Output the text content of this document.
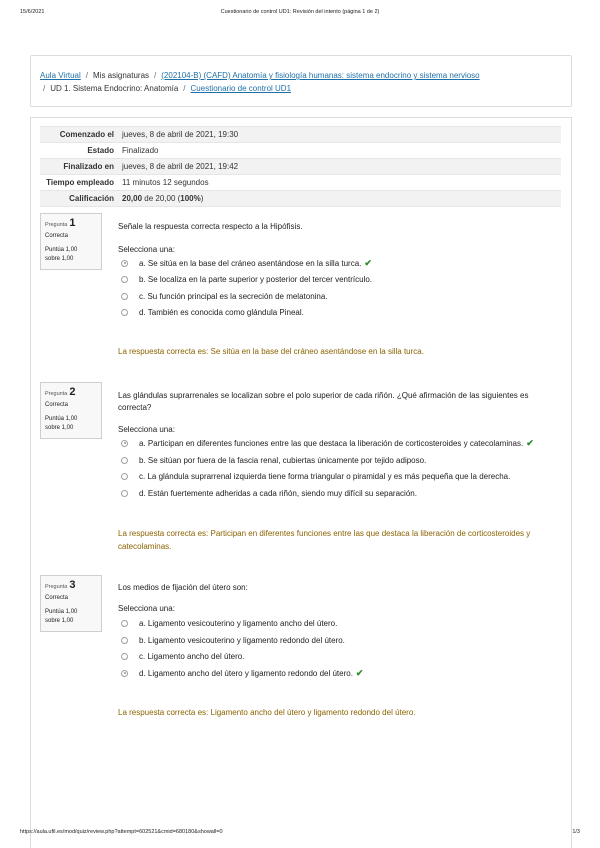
15/6/2021	Cuestionario de control UD1: Revisión del intento (página 1 de 2)
Aula Virtual / Mis asignaturas / (202104-B) (CAFD) Anatomía y fisiología humanas: sistema endocrino y sistema nervioso
/ UD 1. Sistema Endocrino: Anatomía / Cuestionario de control UD1
Comenzado el	jueves, 8 de abril de 2021, 19:30
Estado	Finalizado
Finalizado en	jueves, 8 de abril de 2021, 19:42
Tiempo empleado	11 minutos 12 segundos
Calificación	20,00 de 20,00 (100%)
Pregunta 1
Correcta
Puntúa 1,00
sobre 1,00
Señale la respuesta correcta respecto a la Hipófisis.
Selecciona una:
a. Se sitúa en la base del cráneo asentándose en la silla turca. ✔
b. Se localiza en la parte superior y posterior del tercer ventrículo.
c. Su función principal es la secreción de melatonina.
d. También es conocida como glándula Pineal.
La respuesta correcta es: Se sitúa en la base del cráneo asentándose en la silla turca.
Pregunta 2
Correcta
Puntúa 1,00
sobre 1,00
Las glándulas suprarrenales se localizan sobre el polo superior de cada riñón. ¿Qué afirmación de las siguientes es correcta?
Selecciona una:
a. Participan en diferentes funciones entre las que destaca la liberación de corticosteroides y catecolaminas. ✔
b. Se sitúan por fuera de la fascia renal, cubiertas únicamente por tejido adiposo.
c. La glándula suprarrenal izquierda tiene forma triangular o piramidal y es más pequeña que la derecha.
d. Están fuertemente adheridas a cada riñón, siendo muy difícil su separación.
La respuesta correcta es: Participan en diferentes funciones entre las que destaca la liberación de corticosteroides y catecolaminas.
Pregunta 3
Correcta
Puntúa 1,00
sobre 1,00
Los medios de fijación del útero son:
Selecciona una:
a. Ligamento vesicouterino y ligamento ancho del útero.
b. Ligamento vesicouterino y ligamento redondo del útero.
c. Ligamento ancho del útero.
d. Ligamento ancho del útero y ligamento redondo del útero. ✔
La respuesta correcta es: Ligamento ancho del útero y ligamento redondo del útero.
https://aula.ufil.es/mod/quiz/review.php?attempt=602521&cmid=680180&showall=0	1/3
